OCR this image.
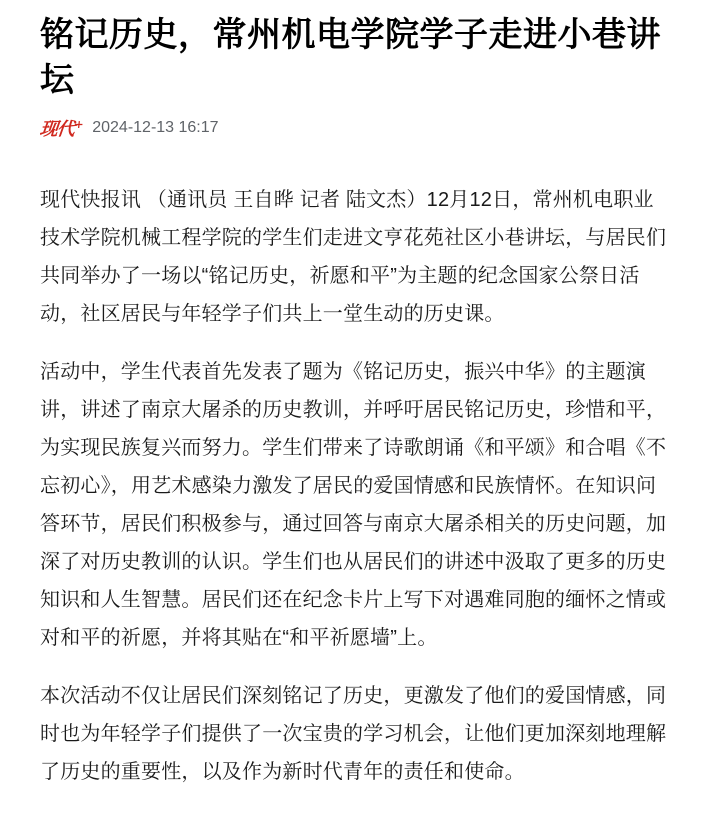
铭记历史，常州机电学院学子走进小巷讲坛
现代+ 2024-12-13 16:17

现代快报讯 （通讯员 王自晔 记者 陆文杰）12月12日，常州机电职业技术学院机械工程学院的学生们走进文亨花苑社区小巷讲坛，与居民们共同举办了一场以“铭记历史，祈愿和平”为主题的纪念国家公祭日活动，社区居民与年轻学子们共上一堂生动的历史课。

活动中，学生代表首先发表了题为《铭记历史，振兴中华》的主题演讲，讲述了南京大屠杀的历史教训，并呼吁居民铭记历史，珍惜和平，为实现民族复兴而努力。学生们带来了诗歌朗诵《和平颂》和合唱《不忘初心》，用艺术感染力激发了居民的爱国情感和民族情怀。在知识问答环节，居民们积极参与，通过回答与南京大屠杀相关的历史问题，加深了对历史教训的认识。学生们也从居民们的讲述中汲取了更多的历史知识和人生智慧。居民们还在纪念卡片上写下对遇难同胞的缅怀之情或对和平的祈愿，并将其贴在“和平祈愿墙”上。

本次活动不仅让居民们深刻铭记了历史，更激发了他们的爱国情感，同时也为年轻学子们提供了一次宝贵的学习机会，让他们更加深刻地理解了历史的重要性，以及作为新时代青年的责任和使命。
